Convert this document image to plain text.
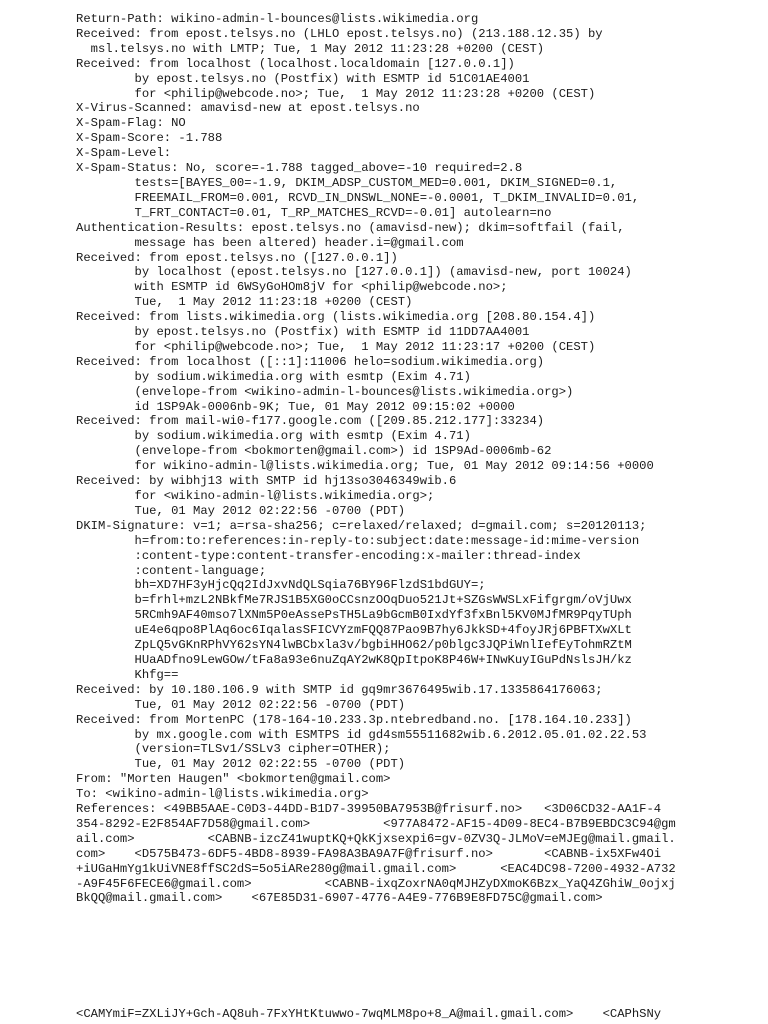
Return-Path: wikino-admin-l-bounces@lists.wikimedia.org
Received: from epost.telsys.no (LHLO epost.telsys.no) (213.188.12.35) by
msl.telsys.no with LMTP; Tue, 1 May 2012 11:23:28 +0200 (CEST)
Received: from localhost (localhost.localdomain [127.0.0.1])
by epost.telsys.no (Postfix) with ESMTP id 51C01AE4001
for <philip@webcode.no>; Tue,  1 May 2012 11:23:28 +0200 (CEST)
X-Virus-Scanned: amavisd-new at epost.telsys.no
X-Spam-Flag: NO
X-Spam-Score: -1.788
X-Spam-Level:
X-Spam-Status: No, score=-1.788 tagged_above=-10 required=2.8
tests=[BAYES_00=-1.9, DKIM_ADSP_CUSTOM_MED=0.001, DKIM_SIGNED=0.1,
FREEMAIL_FROM=0.001, RCVD_IN_DNSWL_NONE=-0.0001, T_DKIM_INVALID=0.01,
T_FRT_CONTACT=0.01, T_RP_MATCHES_RCVD=-0.01] autolearn=no
Authentication-Results: epost.telsys.no (amavisd-new); dkim=softfail (fail,
message has been altered) header.i=@gmail.com
Received: from epost.telsys.no ([127.0.0.1])
by localhost (epost.telsys.no [127.0.0.1]) (amavisd-new, port 10024)
with ESMTP id 6WSyGoHOm8jV for <philip@webcode.no>;
Tue,  1 May 2012 11:23:18 +0200 (CEST)
Received: from lists.wikimedia.org (lists.wikimedia.org [208.80.154.4])
by epost.telsys.no (Postfix) with ESMTP id 11DD7AA4001
for <philip@webcode.no>; Tue,  1 May 2012 11:23:17 +0200 (CEST)
Received: from localhost ([::1]:11006 helo=sodium.wikimedia.org)
by sodium.wikimedia.org with esmtp (Exim 4.71)
(envelope-from <wikino-admin-l-bounces@lists.wikimedia.org>)
id 1SP9Ak-0006nb-9K; Tue, 01 May 2012 09:15:02 +0000
Received: from mail-wi0-f177.google.com ([209.85.212.177]:33234)
by sodium.wikimedia.org with esmtp (Exim 4.71)
(envelope-from <bokmorten@gmail.com>) id 1SP9Ad-0006mb-62
for wikino-admin-l@lists.wikimedia.org; Tue, 01 May 2012 09:14:56 +0000
Received: by wibhj13 with SMTP id hj13so3046349wib.6
for <wikino-admin-l@lists.wikimedia.org>;
Tue, 01 May 2012 02:22:56 -0700 (PDT)
DKIM-Signature: v=1; a=rsa-sha256; c=relaxed/relaxed; d=gmail.com; s=20120113;
h=from:to:references:in-reply-to:subject:date:message-id:mime-version
:content-type:content-transfer-encoding:x-mailer:thread-index
:content-language;
bh=XD7HF3yHjcQq2IdJxvNdQLSqia76BY96FlzdS1bdGUY=;
b=frhl+mzL2NBkfMe7RJS1B5XG0oCCsnzOOqDuo521Jt+SZGsWWSLxFifgrgm/oVjUwx
5RCmh9AF40mso7lXNm5P0eAssePsTH5La9bGcmB0IxdYf3fxBnl5KV0MJfMR9PqyTUph
uE4e6qpo8PlAq6oc6IqalasSFICVYzmFQQ87Pao9B7hy6JkkSD+4foyJRj6PBFTXwXLt
ZpLQ5vGKnRPhVY62sYN4lwBCbxla3v/bgbiHHO62/p0blgc3JQPiWnlIefEyTohmRZtM
HUaADfno9LewGOw/tFa8a93e6nuZqAY2wK8QpItpoK8P46W+INwKuyIGuPdNslsJH/kz
Khfg==
Received: by 10.180.106.9 with SMTP id gq9mr3676495wib.17.1335864176063;
Tue, 01 May 2012 02:22:56 -0700 (PDT)
Received: from MortenPC (178-164-10.233.3p.ntebredband.no. [178.164.10.233])
by mx.google.com with ESMTPS id gd4sm55511682wib.6.2012.05.01.02.22.53
(version=TLSv1/SSLv3 cipher=OTHER);
Tue, 01 May 2012 02:22:55 -0700 (PDT)
From: "Morten Haugen" <bokmorten@gmail.com>
To: <wikino-admin-l@lists.wikimedia.org>
References: <49BB5AAE-C0D3-44DD-B1D7-39950BA7953B@frisurf.no>   <3D06CD32-AA1F-4
354-8292-E2F854AF7D58@gmail.com>          <977A8472-AF15-4D09-8EC4-B7B9EBDC3C94@gm
ail.com>          <CABNB-izcZ41wuptKQ+QkKjxsexpi6=gv-0ZV3Q-JLMoV=eMJEg@mail.gmail.
com>    <D575B473-6DF5-4BD8-8939-FA98A3BA9A7F@frisurf.no>       <CABNB-ix5XFw4Oi
+iUGaHmYg1kUiVNE8ffSC2dS=5o5iARe280g@mail.gmail.com>      <EAC4DC98-7200-4932-A732
-A9F45F6FECE6@gmail.com>          <CABNB-ixqZoxrNA0qMJHZyDXmoK6Bzx_YaQ4ZGhiW_0ojxj
BkQQ@mail.gmail.com>    <67E85D31-6907-4776-A4E9-776B9E8FD75C@gmail.com>
<CAMYmiF=ZXLiJY+Gch-AQ8uh-7FxYHtKtuwwo-7wqMLM8po+8_A@mail.gmail.com>    <CAPhSNy
